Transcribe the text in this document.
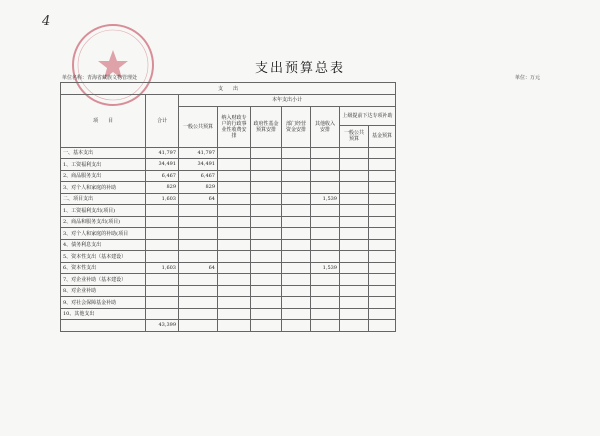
4
支出预算总表
单位名称：青海省藏族文物管理处	单位：万元
支　　出								
项　　目	合计	本年支出小计						
		一般公共预算	纳入财政专户的行政事业性收费安排	政府性基金预算安排	部门经营资金安排	其他收入安排	上级提前下达专项补助	
							一般公共预算	基金预算
一、基本支出	41,797	41,797						
1、工资福利支出	34,491	34,491						
2、商品服务支出	6,467	6,467						
3、对个人和家庭的补助	829	829						
二、项目支出	1,603	64				1,539		
1、工资福利支出(项目)								
2、商品和服务支出(项目)								
3、对个人和家庭的补助(项目								
4、债务利息支出								
5、资本性支出（基本建设）								
6、资本性支出	1,603	64				1,539		
7、对企业补助（基本建设）								
8、对企业补助								
9、对社会保障基金补助								
10、其他支出								
	43,399							
